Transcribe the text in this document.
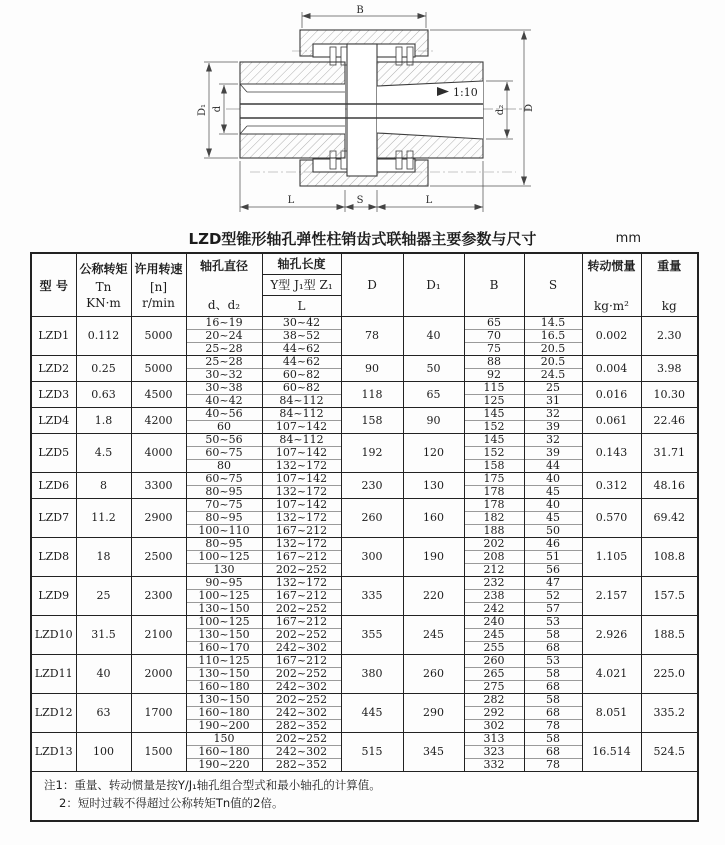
1:10
B
D
d₂
D₁ d
L	S	L
LZD型锥形轴孔弹性柱销齿式联轴器主要参数与尺寸	mm
型 号

公称转矩
Tn
KN·m

许用转速
[n]
r/min

轴孔直径
d、d₂

轴孔长度
	D	D₁	B	S	
转动惯量
kg·m²

重量
kg

				Y型 J₁型 Z₁						
				L						
LZD1	0.112	5000	16~19	30~42	78	40	65	14.5	0.002	2.30
			20~24	38~52			70	16.5		
			25~28	44~62			75	20.5		
LZD2	0.25	5000	25~28	44~62	90	50	88	20.5	0.004	3.98
			30~32	60~82			92	24.5		
LZD3	0.63	4500	30~38	60~82	118	65	115	25	0.016	10.30
			40~42	84~112			125	31		
LZD4	1.8	4200	40~56	84~112	158	90	145	32	0.061	22.46
			60	107~142			152	39		
LZD5	4.5	4000	50~56	84~112	192	120	145	32	0.143	31.71
			60~75	107~142			152	39		
			80	132~172			158	44		
LZD6	8	3300	60~75	107~142	230	130	175	40	0.312	48.16
			80~95	132~172			178	45		
LZD7	11.2	2900	70~75	107~142	260	160	178	40	0.570	69.42
			80~95	132~172			182	45		
			100~110	167~212			188	50		
LZD8	18	2500	80~95	132~172	300	190	202	46	1.105	108.8
			100~125	167~212			208	51		
			130	202~252			212	56		
LZD9	25	2300	90~95	132~172	335	220	232	47	2.157	157.5
			100~125	167~212			238	52		
			130~150	202~252			242	57		
LZD10	31.5	2100	100~125	167~212	355	245	240	53	2.926	188.5
			130~150	202~252			245	58		
			160~170	242~302			255	68		
LZD11	40	2000	110~125	167~212	380	260	260	53	4.021	225.0
			130~150	202~252			265	58		
			160~180	242~302			275	68		
LZD12	63	1700	130~150	202~252	445	290	282	58	8.051	335.2
			160~180	242~302			292	68		
			190~200	282~352			302	78		
LZD13	100	1500	150	202~252	515	345	313	58	16.514	524.5
			160~180	242~302			323	68		
			190~220	282~352			332	78		

注1：重量、转动惯量是按Y/J₁轴孔组合型式和最小轴孔的计算值。
2：短时过载不得超过公称转矩Tn值的2倍。										
